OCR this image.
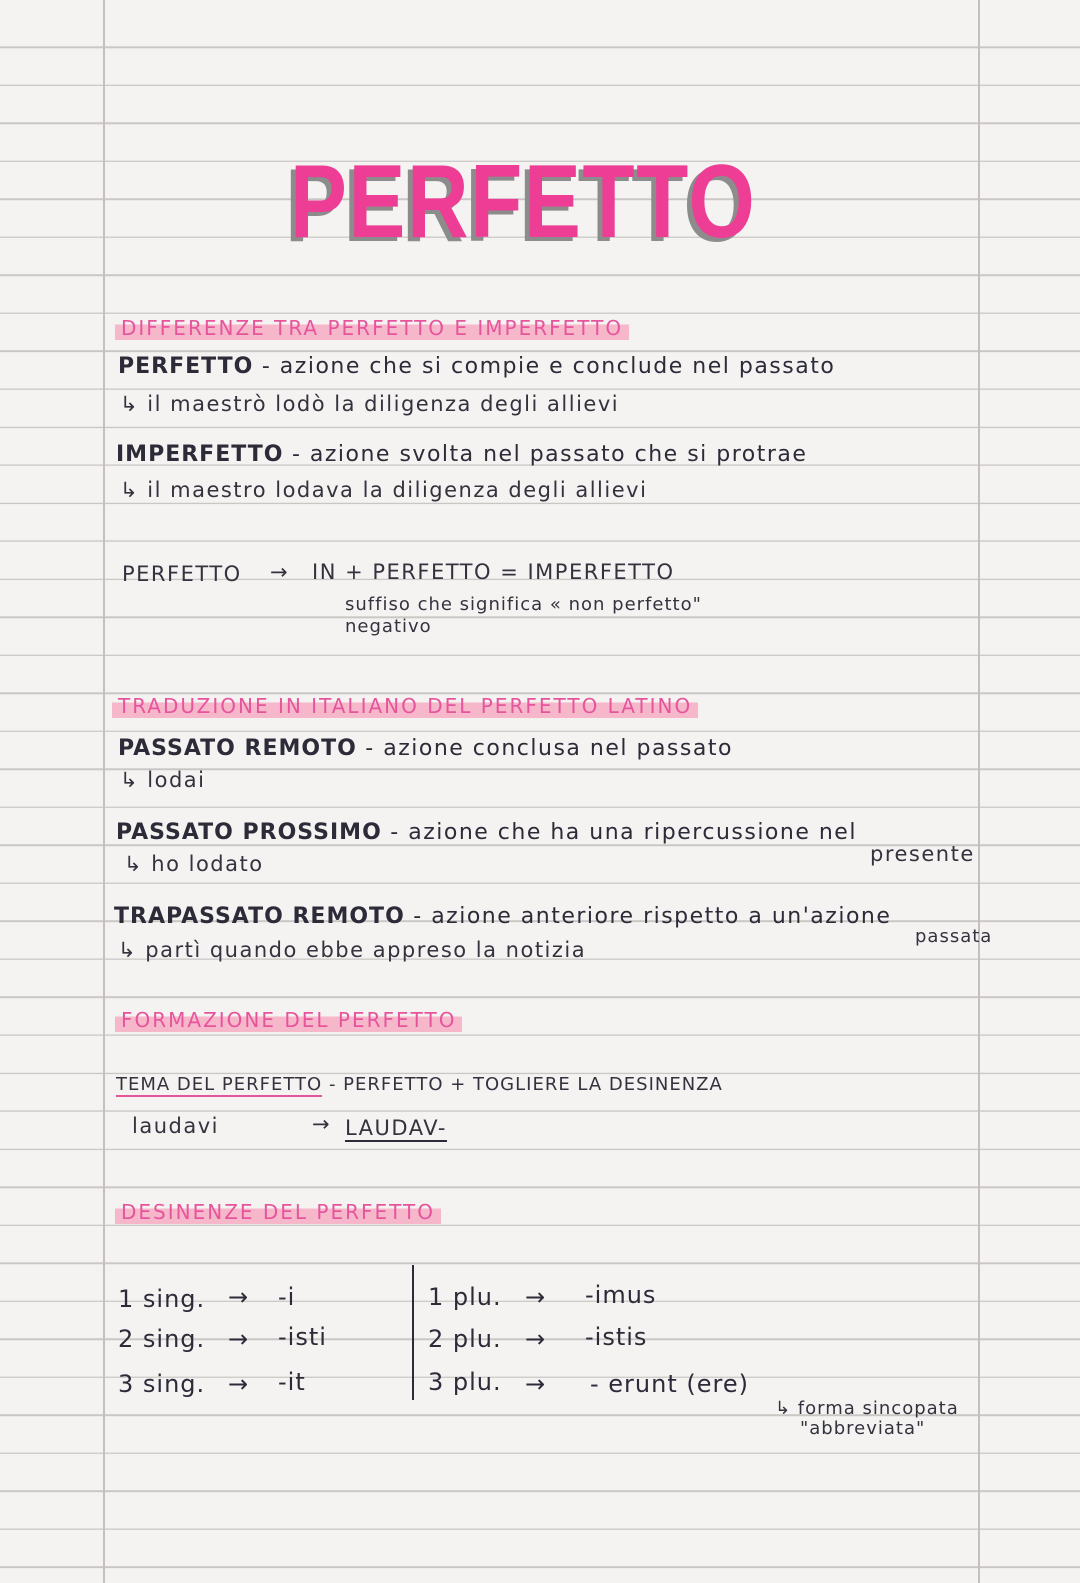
PERFETTO
DIFFERENZE TRA PERFETTO E IMPERFETTO
PERFETTO - azione che si compie e conclude nel passato
↳ il maestrò lodò la diligenza degli allievi
IMPERFETTO - azione svolta nel passato che si protrae
↳ il maestro lodava la diligenza degli allievi
PERFETTO → IN + PERFETTO = IMPERFETTO
suffiso che significa « non perfetto"
negativo
TRADUZIONE IN ITALIANO DEL PERFETTO LATINO
PASSATO REMOTO - azione conclusa nel passato
↳ lodai
PASSATO PROSSIMO - azione che ha una ripercussione nel
presente
↳ ho lodato
TRAPASSATO REMOTO - azione anteriore rispetto a un'azione
passata
↳ partì quando ebbe appreso la notizia
FORMAZIONE DEL PERFETTO
TEMA DEL PERFETTO - PERFETTO + TOGLIERE LA DESINENZA
laudavi	→ LAUDAV-
DESINENZE DEL PERFETTO
1 sing. → -i
2 sing. → -isti
3 sing. → -it
1 plu. → -imus
2 plu. → -istis
3 plu. → - erunt (ere)
↳ forma sincopata
"abbreviata"
